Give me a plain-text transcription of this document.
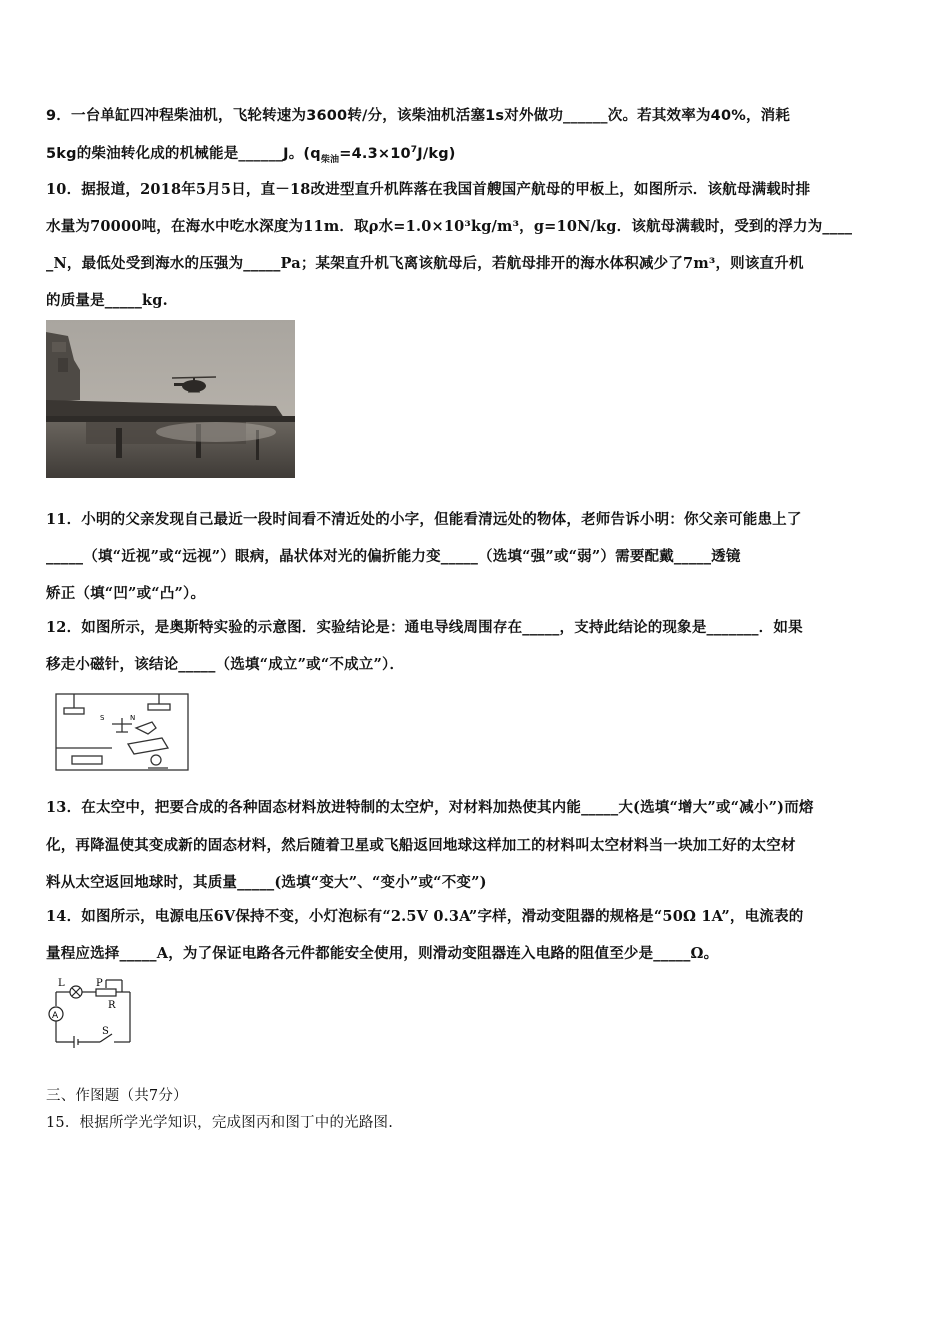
9．一台单缸四冲程柴油机，飞轮转速为3600转/分，该柴油机活塞1s对外做功______次。若其效率为40%，消耗
5kg的柴油转化成的机械能是______J。$(q_{柴油}=4.3\times 10^7J/kg)$
10．据报道，2018年5月5日，直－18改进型直升机阵落在我国首艘国产航母的甲板上，如图所示．该航母满载时排
水量为70000吨，在海水中吃水深度为11m．取ρ水=1.0×10³kg/m³，g=10N/kg．该航母满载时，受到的浮力为____
_N，最低处受到海水的压强为_____Pa；某架直升机飞离该航母后，若航母排开的海水体积减少了7m³，则该直升机
的质量是_____kg.
11．小明的父亲发现自己最近一段时间看不清近处的小字，但能看清远处的物体，老师告诉小明：你父亲可能患上了
_____（填“近视”或“远视”）眼病，晶状体对光的偏折能力变_____（选填“强”或“弱”）需要配戴_____透镜
矫正（填“凹”或“凸”）。
12．如图所示，是奥斯特实验的示意图．实验结论是：通电导线周围存在_____，支持此结论的现象是_______．如果
移走小磁针，该结论_____（选填“成立”或“不成立”）．
S	N
13．在太空中，把要合成的各种固态材料放进特制的太空炉，对材料加热使其内能_____大(选填“增大”或“减小”)而熔
化，再降温使其变成新的固态材料，然后随着卫星或飞船返回地球这样加工的材料叫太空材料当一块加工好的太空材
料从太空返回地球时，其质量_____(选填“变大”、“变小”或“不变”)
14．如图所示，电源电压6V保持不变，小灯泡标有“2.5V 0.3A”字样，滑动变阻器的规格是“50Ω 1A”，电流表的
量程应选择_____A，为了保证电路各元件都能安全使用，则滑动变阻器连入电路的阻值至少是_____Ω。
L	P
R
A
S
三、作图题（共7分）
15．根据所学光学知识，完成图丙和图丁中的光路图.
